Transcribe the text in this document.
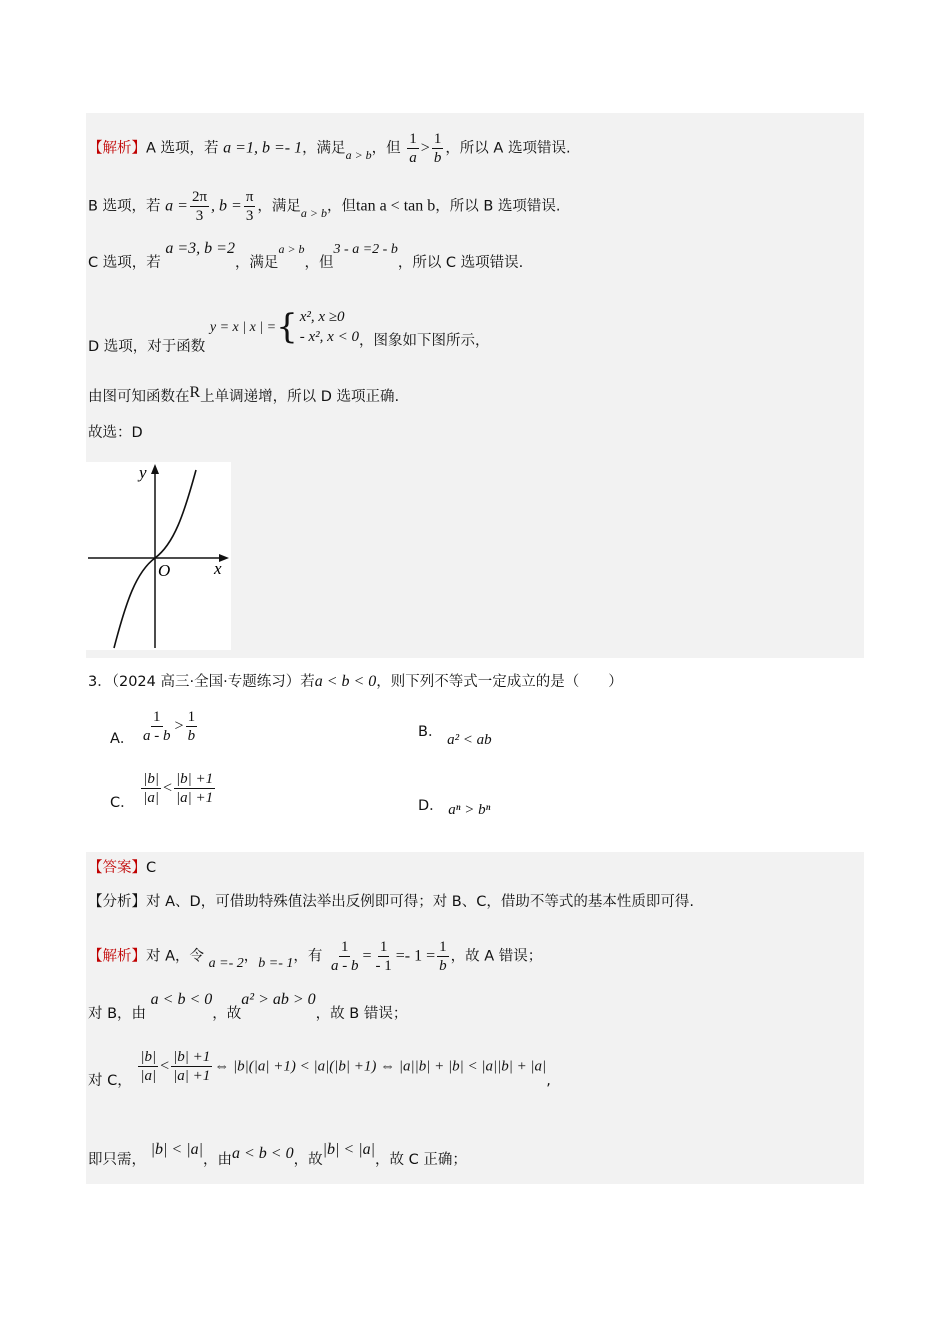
【解析】A 选项，若 a =1, b =- 1，满足$_{a > b}$，但 $\frac{1}{a} > \frac{1}{b}$ ，所以 A 选项错误.
B 选项，若 $a = \frac{2\pi}{3}$ , $b = \frac{\pi}{3}$ ，满足$_{a > b}$，但tan a < tan b，所以 B 选项错误.
C 选项，若 a =3, b =2，满足$^{a > b}$，但3 - a =2 - b，所以 C 选项错误.
D 选项，对于函数 y = x | x | ={ x², x ≥0
- x², x < 0 ，图象如下图所示，
由图可知函数在R上单调递增，所以 D 选项正确.
故选：D
y
x
O
3．（2024 高三·全国·专题练习）若a < b < 0，则下列不等式一定成立的是（　　）
A． $\frac{1}{a - b} > \frac{1}{b}$	B． a² < ab
C． $\frac{|b|}{|a|} < \frac{|b| +1}{|a| +1}$	D． aⁿ > bⁿ
【答案】C
【分析】对 A、D，可借助特殊值法举出反例即可得；对 B、C，借助不等式的基本性质即可得.
【解析】对 A，令 a =- 2，b =- 1，有 $\frac{1}{a - b} = \frac{1}{- 1} =- 1 = \frac{1}{b}$ ，故 A 错误；
对 B，由 a < b < 0，故a² > ab > 0，故 B 错误；
对 C， $\frac{|b|}{|a|} < \frac{|b| +1}{|a| +1}$ ⇔ |b|(|a| +1) < |a|(|b| +1) ⇔ |a||b| + |b| < |a||b| + |a|,
即只需， |b| < |a|，由a < b < 0，故|b| < |a|，故 C 正确；
